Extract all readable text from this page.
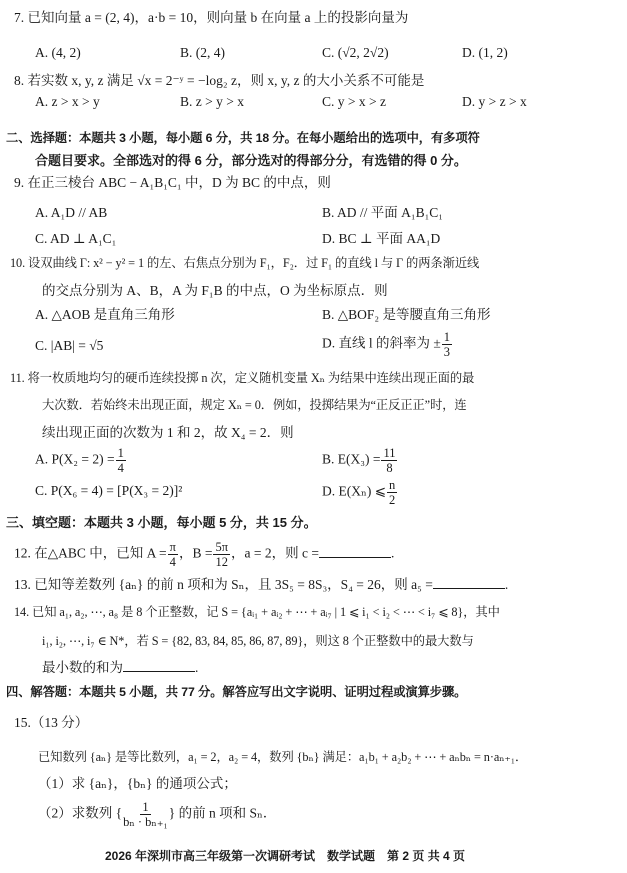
7. 已知向量 a = (2, 4)，a·b = 10，则向量 b 在向量 a 上的投影向量为
A. (4, 2)	B. (2, 4)	C. (√2, 2√2)	D. (1, 2)
8. 若实数 x, y, z 满足 √x = 2⁻ʸ = −log₂ z，则 x, y, z 的大小关系不可能是
A. z > x > y	B. z > y > x	C. y > x > z	D. y > z > x
二、选择题：本题共 3 小题，每小题 6 分，共 18 分。在每小题给出的选项中，有多项符
合题目要求。全部选对的得 6 分，部分选对的得部分分，有选错的得 0 分。
9. 在正三棱台 ABC − A₁B₁C₁ 中，D 为 BC 的中点，则
A. A₁D // AB	B. AD // 平面 A₁B₁C₁
C. AD ⊥ A₁C₁	D. BC ⊥ 平面 AA₁D
10. 设双曲线 Γ: x² − y² = 1 的左、右焦点分别为 F₁，F₂．过 F₁ 的直线 l 与 Γ 的两条渐近线
的交点分别为 A、B，A 为 F₁B 的中点，O 为坐标原点．则
A. △AOB 是直角三角形	B. △BOF₂ 是等腰直角三角形
C. |AB| = √5	D. 直线 l 的斜率为 ± $\frac{1}{3}$
11. 将一枚质地均匀的硬币连续投掷 n 次，定义随机变量 Xₙ 为结果中连续出现正面的最
大次数．若始终未出现正面，规定 Xₙ = 0．例如，投掷结果为“正反正正”时，连
续出现正面的次数为 1 和 2，故 X₄ = 2．则
A. $P(X_2 = 2) = \frac{1}{4}$	B. $E(X_3) = \frac{11}{8}$
C. P(X₆ = 4) = [P(X₃ = 2)]²	D. E(Xₙ) ⩽ $\frac{n}{2}$
三、填空题：本题共 3 小题，每小题 5 分，共 15 分。
12. 在△ABC 中，已知 $A = \frac{\pi}{4}$ ，$B = \frac{5\pi}{12}$ ，a = 2，则 c =	.
13. 已知等差数列 {aₙ} 的前 n 项和为 Sₙ，且 3S₅ = 8S₃，S₄ = 26，则 a₅ =	.
14. 已知 a₁, a₂, ⋯, a₈ 是 8 个正整数，记 S = {aᵢ₁ + aᵢ₂ + ⋯ + aᵢ₇ | 1 ⩽ i₁ < i₂ < ⋯ < i₇ ⩽ 8}，其中
i₁, i₂, ⋯, i₇ ∈ N*，若 S = {82, 83, 84, 85, 86, 87, 89}，则这 8 个正整数中的最大数与
最小数的和为	.
四、解答题：本题共 5 小题，共 77 分。解答应写出文字说明、证明过程或演算步骤。
15.（13 分）
已知数列 {aₙ} 是等比数列，a₁ = 2，a₂ = 4，数列 {bₙ} 满足：a₁b₁ + a₂b₂ + ⋯ + aₙbₙ = n·aₙ₊₁．
（1）求 {aₙ}，{bₙ} 的通项公式；
（2）求数列 { $\frac{1}{\text{bₙ · bₙ₊₁}}$ } 的前 n 项和 Sₙ．
2026 年深圳市高三年级第一次调研考试　数学试题　第 2 页 共 4 页
